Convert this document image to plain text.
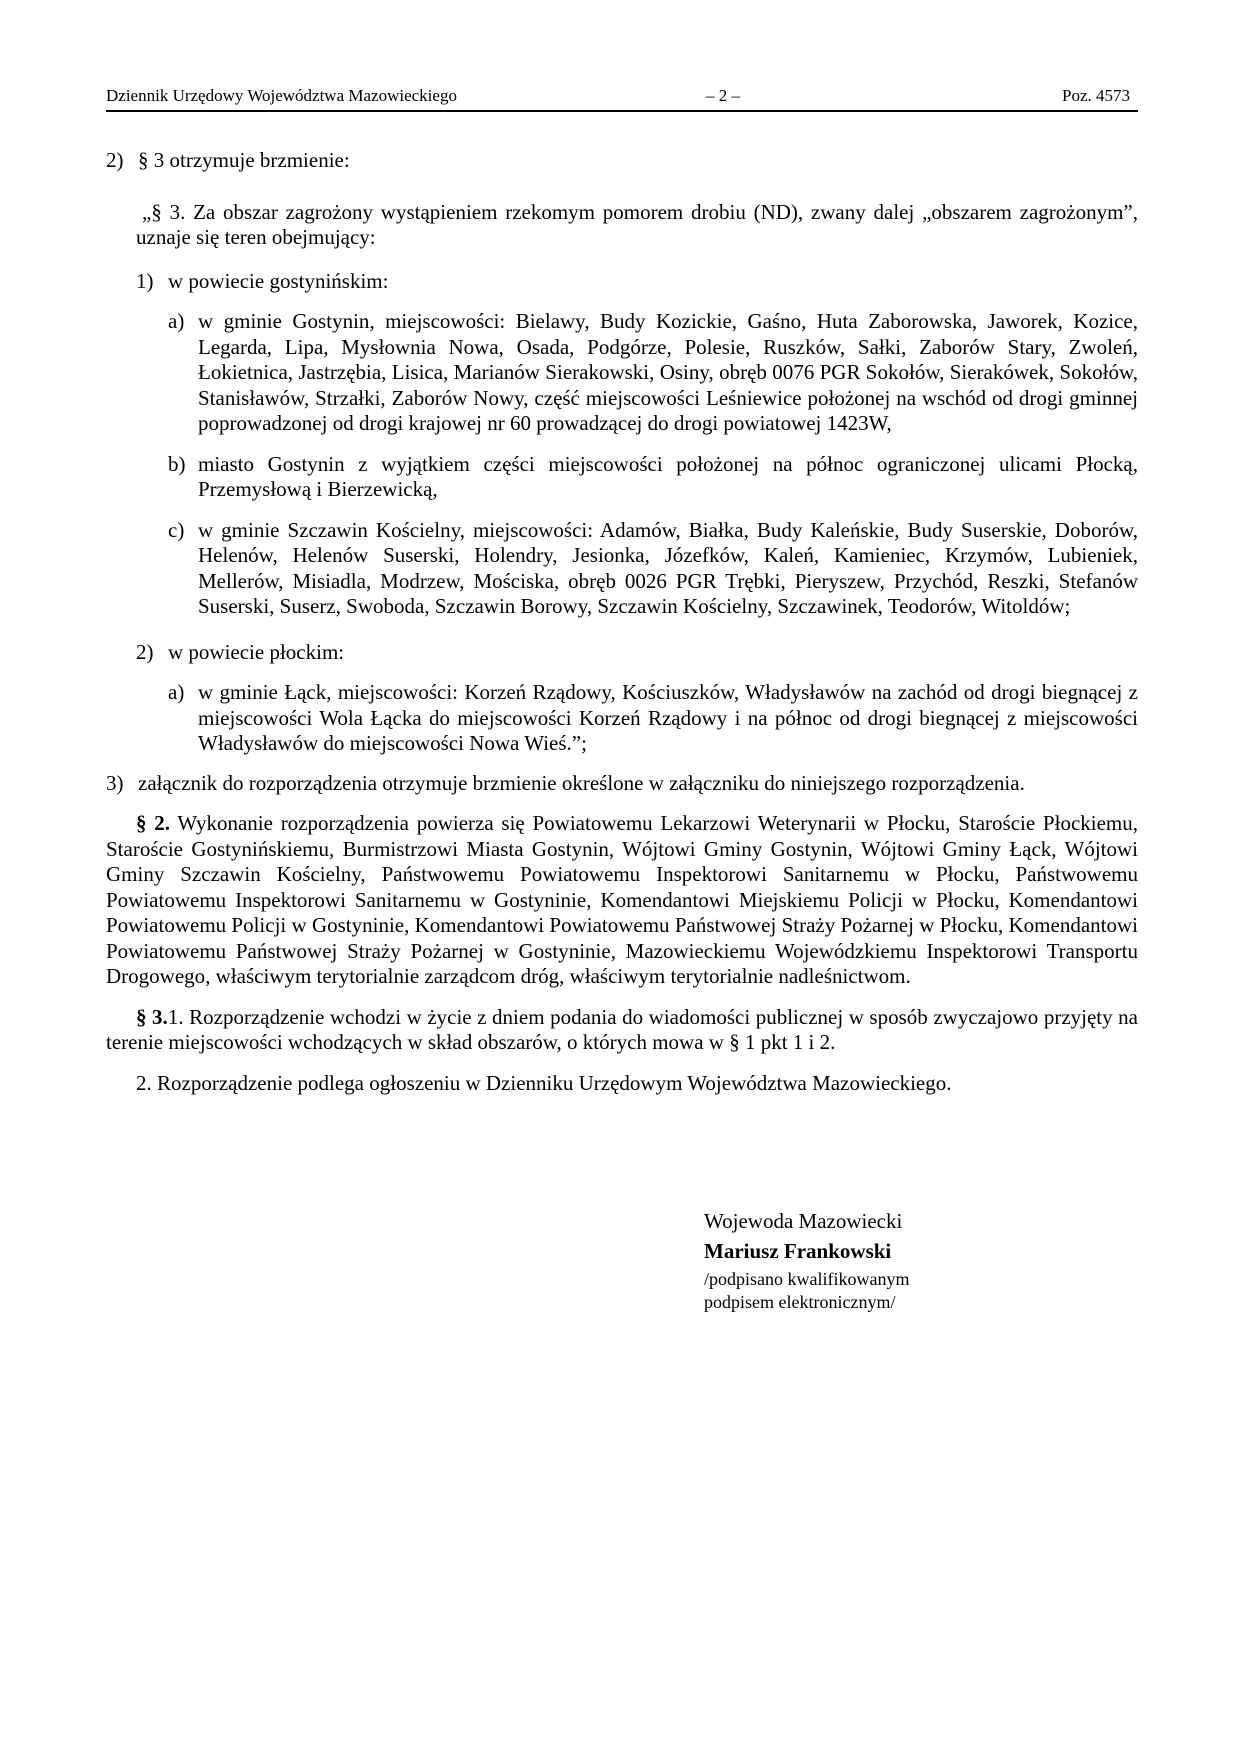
Dziennik Urzędowy Województwa Mazowieckiego	– 2 –	Poz. 4573
2) § 3 otrzymuje brzmienie:

„§ 3. Za obszar zagrożony wystąpieniem rzekomym pomorem drobiu (ND), zwany dalej „obszarem zagrożonym”, uznaje się teren obejmujący:

1) w powiecie gostynińskim:
a) w gminie Gostynin, miejscowości: Bielawy, Budy Kozickie, Gaśno, Huta Zaborowska, Jaworek, Kozice, Legarda, Lipa, Mysłownia Nowa, Osada, Podgórze, Polesie, Ruszków, Sałki, Zaborów Stary, Zwoleń, Łokietnica, Jastrzębia, Lisica, Marianów Sierakowski, Osiny, obręb 0076 PGR Sokołów, Sierakówek, Sokołów, Stanisławów, Strzałki, Zaborów Nowy, część miejscowości Leśniewice położonej na wschód od drogi gminnej poprowadzonej od drogi krajowej nr 60 prowadzącej do drogi powiatowej 1423W,
b) miasto Gostynin z wyjątkiem części miejscowości położonej na północ ograniczonej ulicami Płocką, Przemysłową i Bierzewicką,
c) w gminie Szczawin Kościelny, miejscowości: Adamów, Białka, Budy Kaleńskie, Budy Suserskie, Doborów, Helenów, Helenów Suserski, Holendry, Jesionka, Józefków, Kaleń, Kamieniec, Krzymów, Lubieniek, Mellerów, Misiadla, Modrzew, Mościska, obręb 0026 PGR Trębki, Pieryszew, Przychód, Reszki, Stefanów Suserski, Suserz, Swoboda, Szczawin Borowy, Szczawin Kościelny, Szczawinek, Teodorów, Witoldów;
2) w powiecie płockim:
a) w gminie Łąck, miejscowości: Korzeń Rządowy, Kościuszków, Władysławów na zachód od drogi biegnącej z miejscowości Wola Łącka do miejscowości Korzeń Rządowy i na północ od drogi biegnącej z miejscowości Władysławów do miejscowości Nowa Wieś.”;
3) załącznik do rozporządzenia otrzymuje brzmienie określone w załączniku do niniejszego rozporządzenia.

§ 2. Wykonanie rozporządzenia powierza się Powiatowemu Lekarzowi Weterynarii w Płocku, Staroście Płockiemu, Staroście Gostynińskiemu, Burmistrzowi Miasta Gostynin, Wójtowi Gminy Gostynin, Wójtowi Gminy Łąck, Wójtowi Gminy Szczawin Kościelny, Państwowemu Powiatowemu Inspektorowi Sanitarnemu w Płocku, Państwowemu Powiatowemu Inspektorowi Sanitarnemu w Gostyninie, Komendantowi Miejskiemu Policji w Płocku, Komendantowi Powiatowemu Policji w Gostyninie, Komendantowi Powiatowemu Państwowej Straży Pożarnej w Płocku, Komendantowi Powiatowemu Państwowej Straży Pożarnej w Gostyninie, Mazowieckiemu Wojewódzkiemu Inspektorowi Transportu Drogowego, właściwym terytorialnie zarządcom dróg, właściwym terytorialnie nadleśnictwom.

§ 3.1. Rozporządzenie wchodzi w życie z dniem podania do wiadomości publicznej w sposób zwyczajowo przyjęty na terenie miejscowości wchodzących w skład obszarów, o których mowa w § 1 pkt 1 i 2.

2. Rozporządzenie podlega ogłoszeniu w Dzienniku Urzędowym Województwa Mazowieckiego.

Wojewoda Mazowiecki
Mariusz Frankowski
/podpisano kwalifikowanym
podpisem elektronicznym/
